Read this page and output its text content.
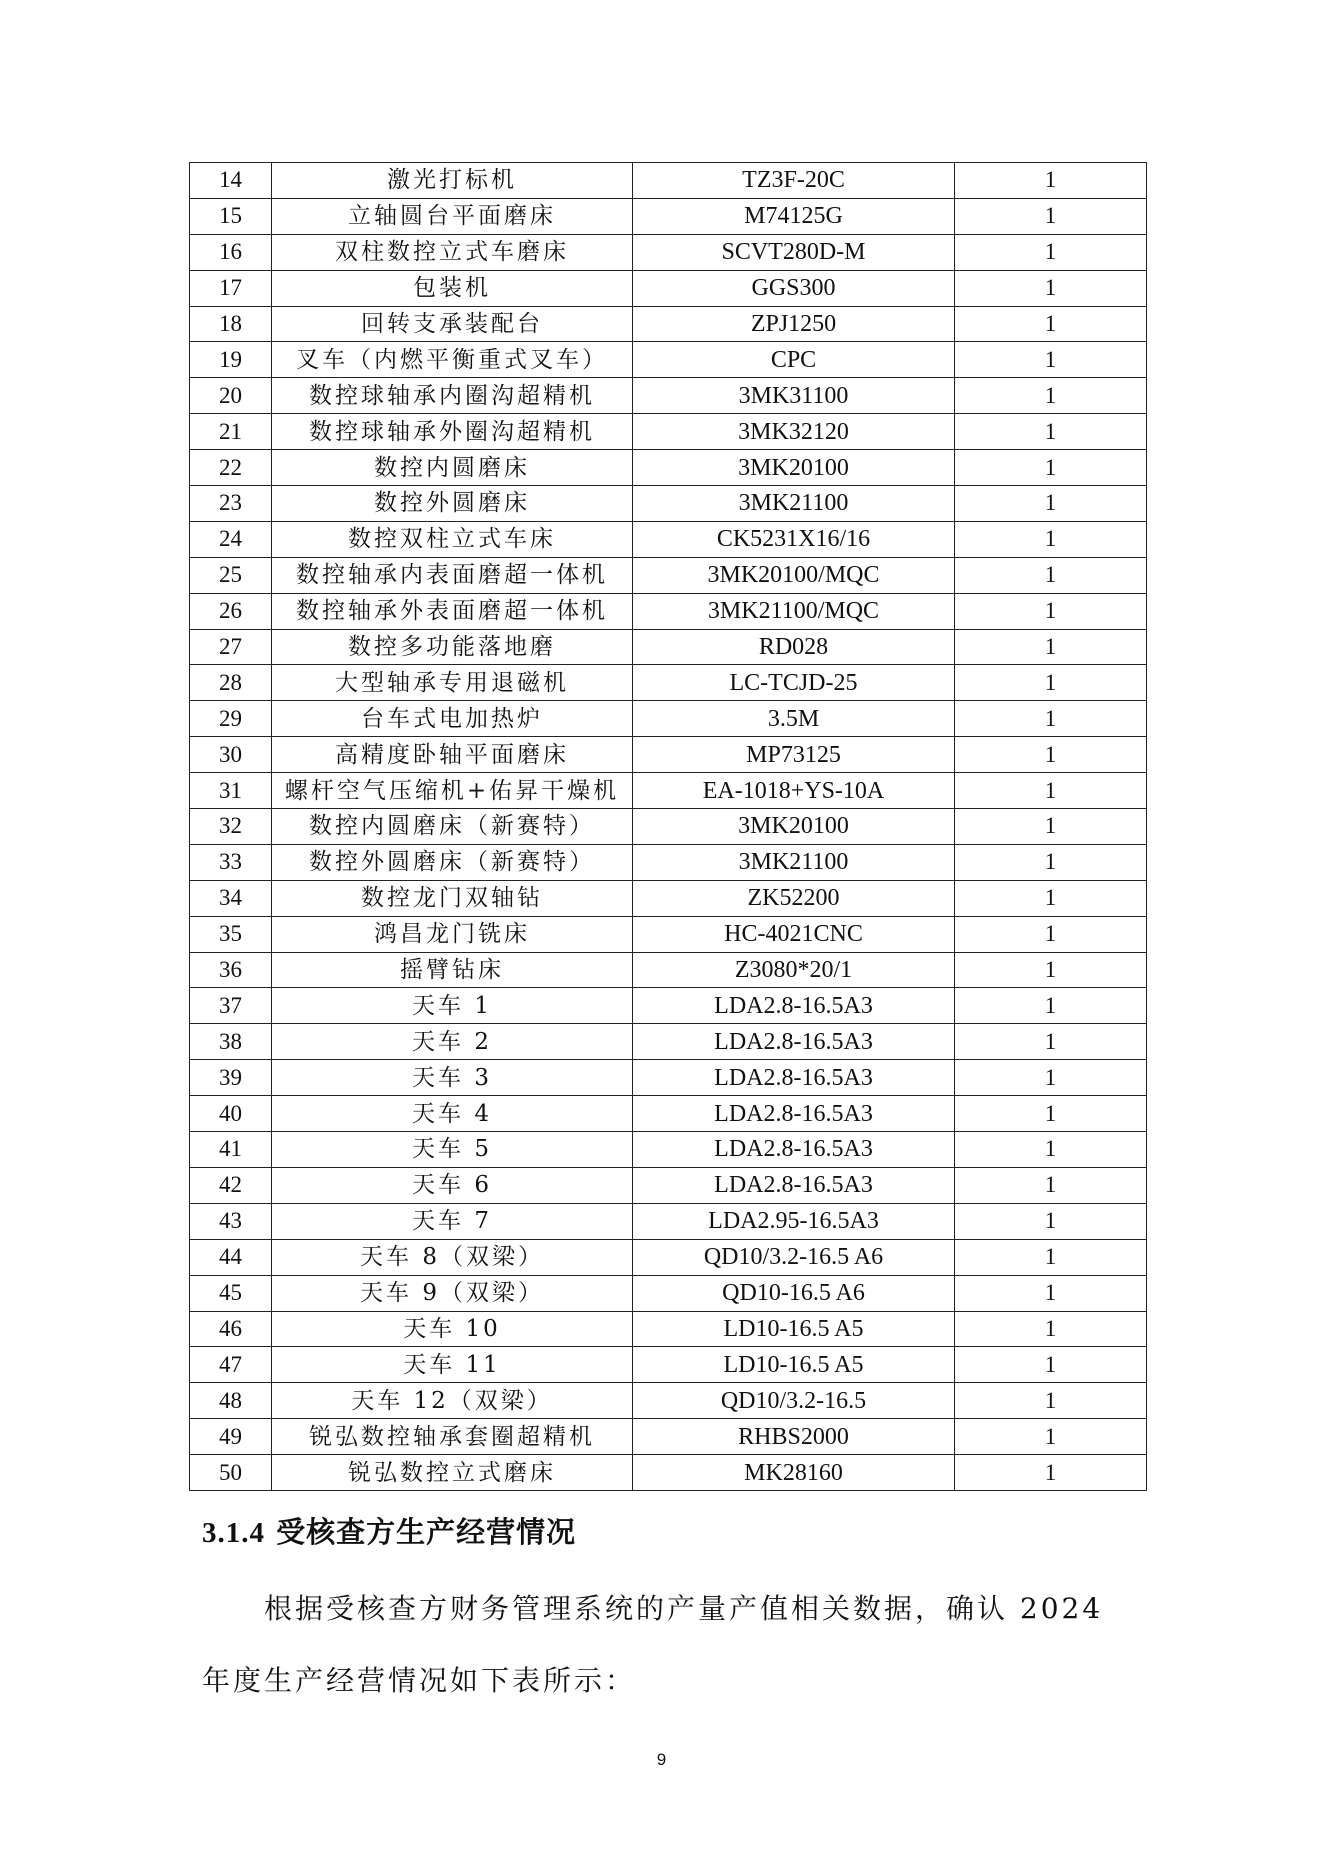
14	激光打标机	TZ3F-20C	1
15	立轴圆台平面磨床	M74125G	1
16	双柱数控立式车磨床	SCVT280D-M	1
17	包装机	GGS300	1
18	回转支承装配台	ZPJ1250	1
19	叉车（内燃平衡重式叉车）	CPC	1
20	数控球轴承内圈沟超精机	3MK31100	1
21	数控球轴承外圈沟超精机	3MK32120	1
22	数控内圆磨床	3MK20100	1
23	数控外圆磨床	3MK21100	1
24	数控双柱立式车床	CK5231X16/16	1
25	数控轴承内表面磨超一体机	3MK20100/MQC	1
26	数控轴承外表面磨超一体机	3MK21100/MQC	1
27	数控多功能落地磨	RD028	1
28	大型轴承专用退磁机	LC-TCJD-25	1
29	台车式电加热炉	3.5M	1
30	高精度卧轴平面磨床	MP73125	1
31	螺杆空气压缩机+佑昇干燥机	EA-1018+YS-10A	1
32	数控内圆磨床（新赛特）	3MK20100	1
33	数控外圆磨床（新赛特）	3MK21100	1
34	数控龙门双轴钻	ZK52200	1
35	鸿昌龙门铣床	HC-4021CNC	1
36	摇臂钻床	Z3080*20/1	1
37	天车 1	LDA2.8-16.5A3	1
38	天车 2	LDA2.8-16.5A3	1
39	天车 3	LDA2.8-16.5A3	1
40	天车 4	LDA2.8-16.5A3	1
41	天车 5	LDA2.8-16.5A3	1
42	天车 6	LDA2.8-16.5A3	1
43	天车 7	LDA2.95-16.5A3	1
44	天车 8（双梁）	QD10/3.2-16.5 A6	1
45	天车 9（双梁）	QD10-16.5 A6	1
46	天车 10	LD10-16.5 A5	1
47	天车 11	LD10-16.5 A5	1
48	天车 12（双梁）	QD10/3.2-16.5	1
49	锐弘数控轴承套圈超精机	RHBS2000	1
50	锐弘数控立式磨床	MK28160	1
3.1.4 受核查方生产经营情况

根据受核查方财务管理系统的产量产值相关数据，确认 2024 年度生产经营情况如下表所示：

9
